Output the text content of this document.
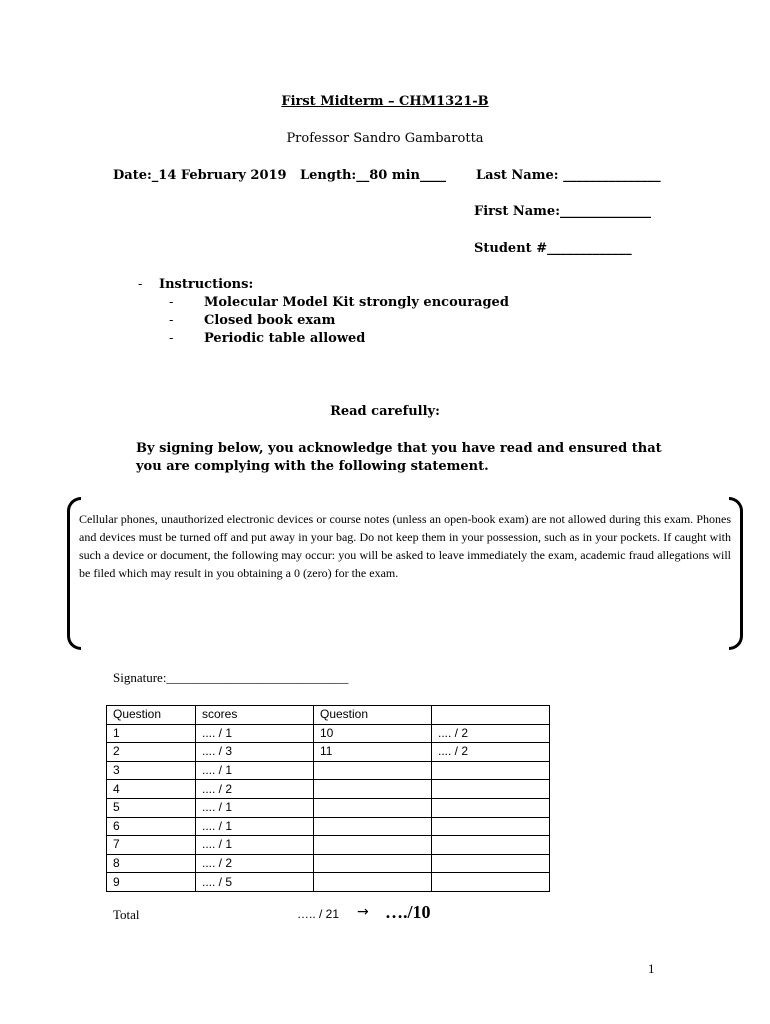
First Midterm – CHM1321-B
Professor Sandro Gambarotta
Date:_14 February 2019 Length:__80 min____ Last Name: _______________
First Name:______________
Student #_____________
- Instructions:
- Molecular Model Kit strongly encouraged
- Closed book exam
- Periodic table allowed
Read carefully:
By signing below, you acknowledge that you have read and ensured that
you are complying with the following statement.
Cellular phones, unauthorized electronic devices or course notes (unless an open-book exam) are not allowed during this exam. Phones and devices must be turned off and put away in your bag. Do not keep them in your possession, such as in your pockets. If caught with such a device or document, the following may occur: you will be asked to leave immediately the exam, academic fraud allegations will be filed which may result in you obtaining a 0 (zero) for the exam.
Signature:____________________________
Question	scores	Question	
1	.... / 1	10	.... / 2
2	.... / 3	11	.... / 2
3	.... / 1		
4	.... / 2		
5	.... / 1		
6	.... / 1		
7	.... / 1		
8	.... / 2		
9	.... / 5		
Total	….. / 21 → …./10
1
